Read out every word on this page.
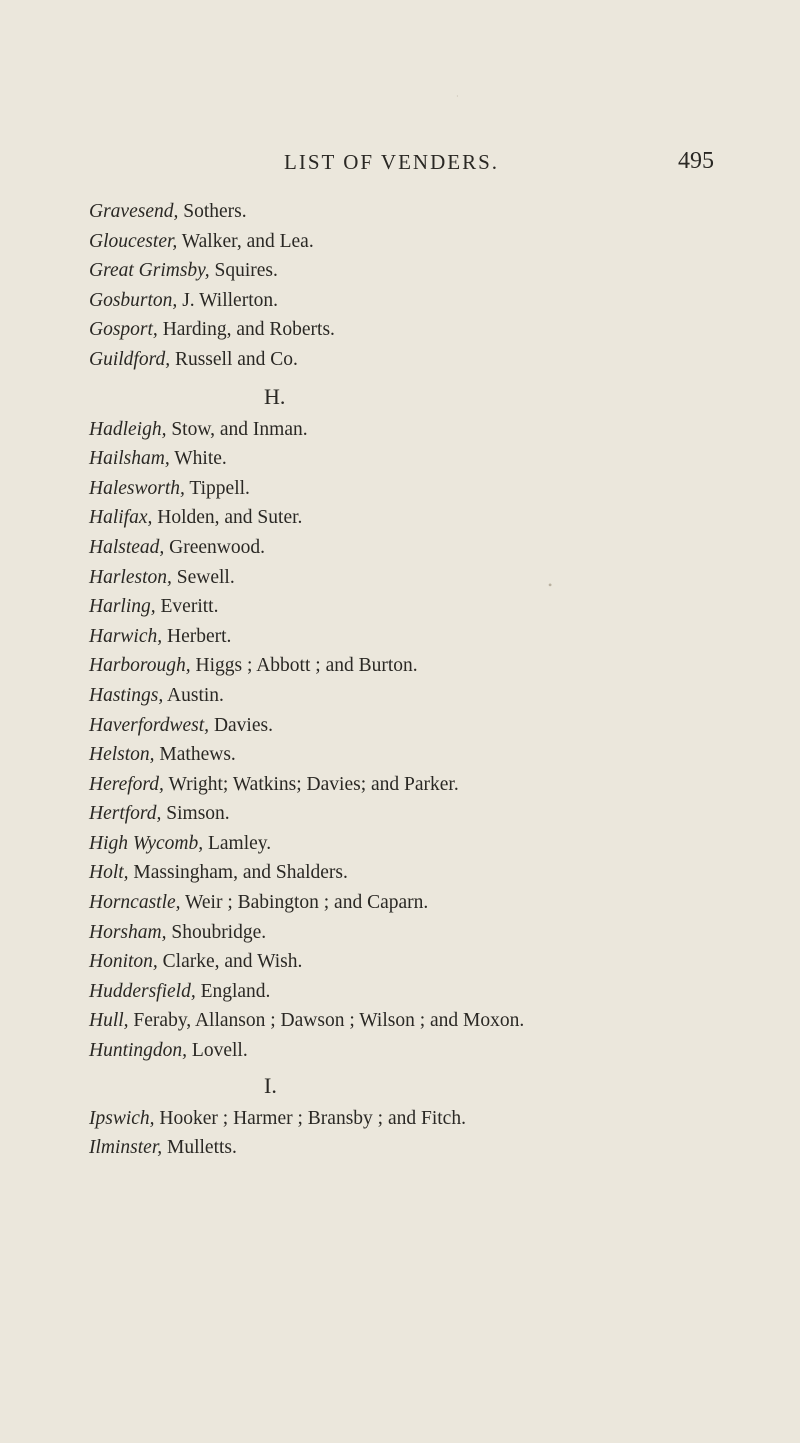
LIST OF VENDERS.	495
Gravesend, Sothers.
Gloucester, Walker, and Lea.
Great Grimsby, Squires.
Gosburton, J. Willerton.
Gosport, Harding, and Roberts.
Guildford, Russell and Co.
H.
Hadleigh, Stow, and Inman.
Hailsham, White.
Halesworth, Tippell.
Halifax, Holden, and Suter.
Halstead, Greenwood.
Harleston, Sewell.
Harling, Everitt.
Harwich, Herbert.
Harborough, Higgs ; Abbott ; and Burton.
Hastings, Austin.
Haverfordwest, Davies.
Helston, Mathews.
Hereford, Wright; Watkins; Davies; and Parker.
Hertford, Simson.
High Wycomb, Lamley.
Holt, Massingham, and Shalders.
Horncastle, Weir ; Babington ; and Caparn.
Horsham, Shoubridge.
Honiton, Clarke, and Wish.
Huddersfield, England.
Hull, Feraby, Allanson ; Dawson ; Wilson ; and Moxon.
Huntingdon, Lovell.
I.
Ipswich, Hooker ; Harmer ; Bransby ; and Fitch.
Ilminster, Mulletts.
•
·
